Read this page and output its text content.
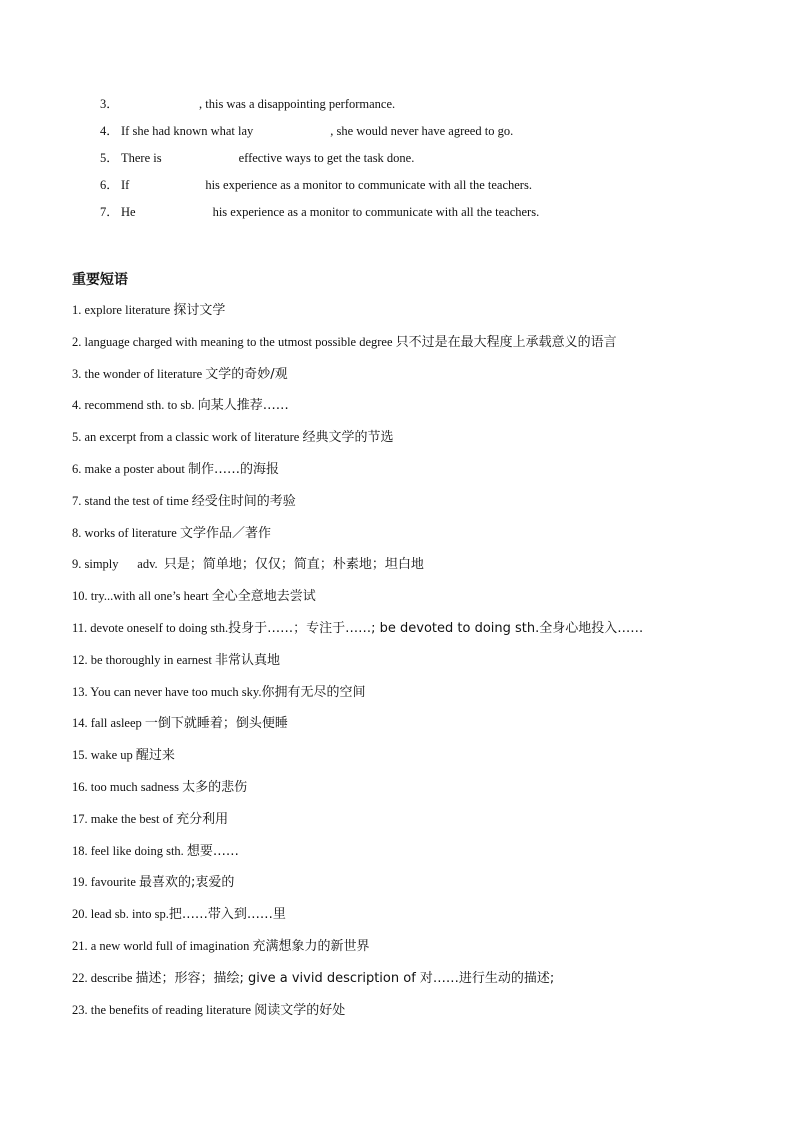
3．	, this was a disappointing performance.
4． If she had known what lay	, she would never have agreed to go.
5． There is	effective ways to get the task done.
6． If	his experience as a monitor to communicate with all the teachers.
7． He	his experience as a monitor to communicate with all the teachers.
重要短语
1. explore literature 探讨文学
2. language charged with meaning to the utmost possible degree 只不过是在最大程度上承载意义的语言
3. the wonder of literature 文学的奇妙/观
4. recommend sth. to sb. 向某人推荐……
5. an excerpt from a classic work of literature 经典文学的节选
6. make a poster about 制作……的海报
7. stand the test of time 经受住时间的考验
8. works of literature 文学作品／著作
9. simply      adv.  只是；简单地；仅仅；简直；朴素地；坦白地
10. try...with all one’s heart 全心全意地去尝试
11. devote oneself to doing sth.投身于……；专注于……; be devoted to doing sth.全身心地投入……
12. be thoroughly in earnest 非常认真地
13. You can never have too much sky.你拥有无尽的空间
14. fall asleep 一倒下就睡着；倒头便睡
15. wake up 醒过来
16. too much sadness 太多的悲伤
17. make the best of 充分利用
18. feel like doing sth. 想要……
19. favourite 最喜欢的;衷爱的
20. lead sb. into sp.把……带入到……里
21. a new world full of imagination 充满想象力的新世界
22. describe 描述；形容；描绘; give a vivid description of 对……进行生动的描述;
23. the benefits of reading literature 阅读文学的好处
